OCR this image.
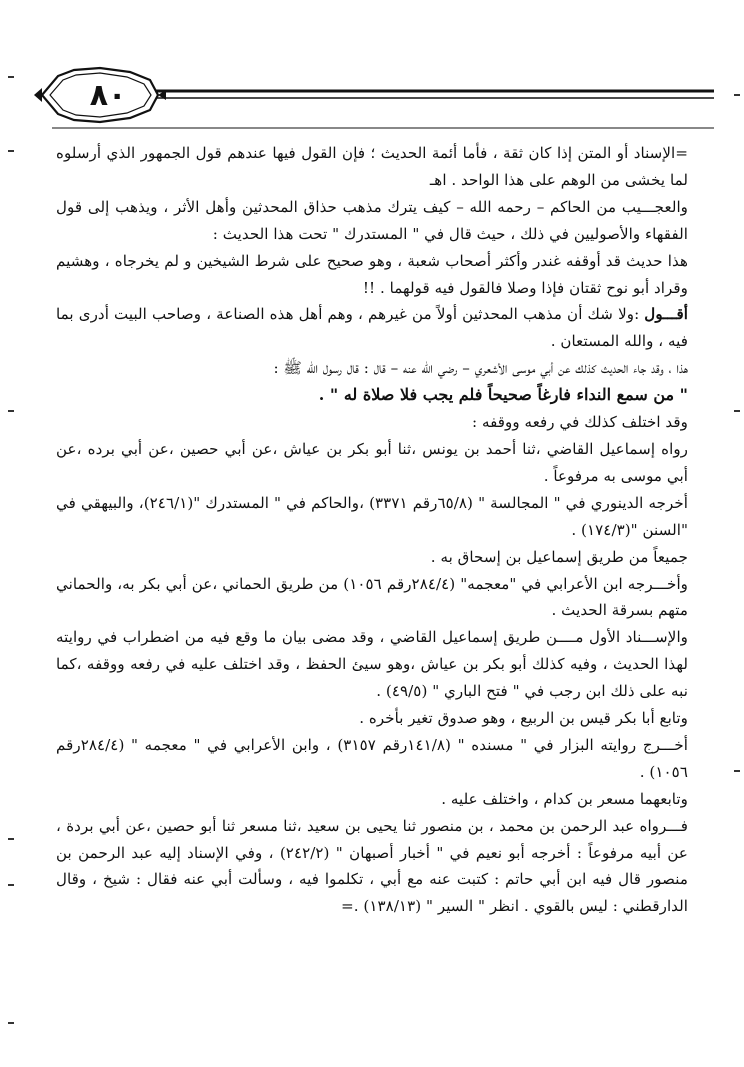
٨٠

=الإسناد أو المتن إذا كان ثقة ، فأما أئمة الحديث ؛ فإن القول فيها عندهم قول الجمهور الذي أرسلوه لما يخشى من الوهم على هذا الواحد . اهـ

والعجـــيب من الحاكم – رحمه الله – كيف يترك مذهب حذاق المحدثين وأهل الأثر ، ويذهب إلى قول الفقهاء والأصوليين في ذلك ، حيث قال في " المستدرك " تحت هذا الحديث :

هذا حديث قد أوقفه غندر وأكثر أصحاب شعبة ، وهو صحيح على شرط الشيخين و لم يخرجاه ، وهشيم وقراد أبو نوح ثقتان فإذا وصلا فالقول فيه قولهما . !!

أقـــول :ولا شك أن مذهب المحدثين أولاً من غيرهم ، وهم أهل هذه الصناعة ، وصاحب البيت أدرى بما فيه ، والله المستعان .

هذا ، وقد جاء الحديث كذلك عن أبي موسى الأشعري – رضي الله عنه – قال : قال رسول الله ﷺ :

" من سمع النداء فارغاً صحيحاً فلم يجب فلا صلاة له " .

وقد اختلف كذلك في رفعه ووقفه :

رواه إسماعيل القاضي ،ثنا أحمد بن يونس ،ثنا أبو بكر بن عياش ،عن أبي حصين ،عن أبي برده ،عن أبي موسى به مرفوعاً .

أخرجه الدينوري في " المجالسة " (٦٥/٨رقم ٣٣٧١) ،والحاكم في " المستدرك "(٢٤٦/١)، والبيهقي في "السنن "(١٧٤/٣) .

جميعاً من طريق إسماعيل بن إسحاق به .

وأخـــرجه ابن الأعرابي في "معجمه" (٢٨٤/٤رقم ١٠٥٦) من طريق الحماني ،عن أبي بكر به، والحماني متهم بسرقة الحديث .

والإســـناد الأول مــــن طريق إسماعيل القاضي ، وقد مضى بيان ما وقع فيه من اضطراب في روايته لهذا الحديث ، وفيه كذلك أبو بكر بن عياش ،وهو سيئ الحفظ ، وقد اختلف عليه في رفعه ووقفه ،كما نبه على ذلك ابن رجب في " فتح الباري " (٤٩/٥) .

وتابع أبا بكر قيس بن الربيع ، وهو صدوق تغير بأخره .

أخـــرج روايته البزار في " مسنده " (١٤١/٨رقم ٣١٥٧) ، وابن الأعرابي في " معجمه " (٢٨٤/٤رقم ١٠٥٦) .

وتابعهما مسعر بن كدام ، واختلف عليه .

فـــرواه عبد الرحمن بن محمد ، بن منصور ثنا يحيى بن سعيد ،ثنا مسعر ثنا أبو حصين ،عن أبي بردة ، عن أبيه مرفوعاً : أخرجه أبو نعيم في " أخبار أصبهان " (٢٤٢/٢) ، وفي الإسناد إليه عبد الرحمن بن منصور قال فيه ابن أبي حاتم : كتبت عنه مع أبي ، تكلموا فيه ، وسألت أبي عنه فقال : شيخ ، وقال الدارقطني : ليس بالقوي . انظر " السير " (١٣٨/١٣) .=
